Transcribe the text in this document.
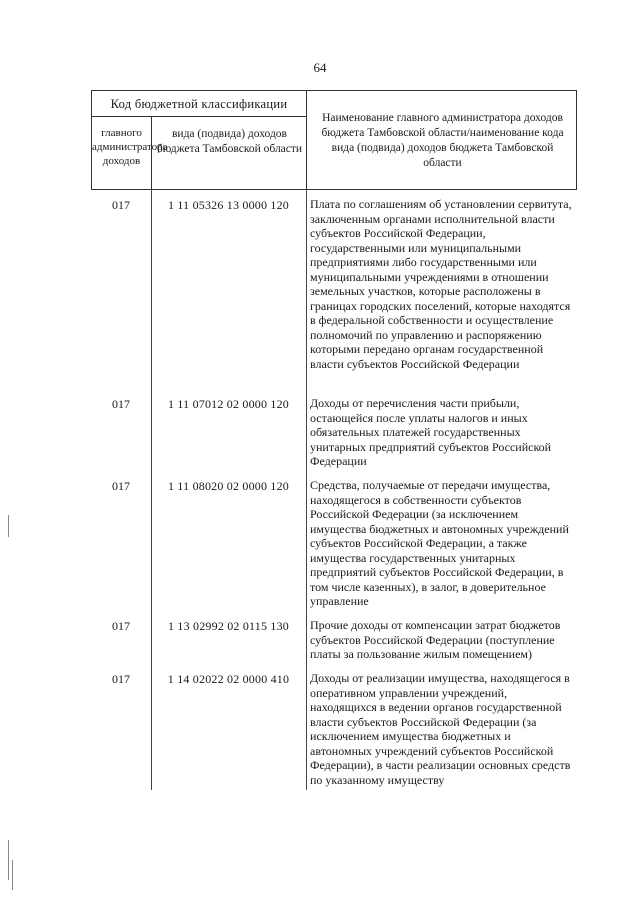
64
Код бюджетной классификации
главного администратора доходов
вида (подвида) доходов бюджета Тамбовской области
Наименование главного администратора доходов бюджета Тамбовской области/наименование кода вида (подвида) доходов бюджета Тамбовской области
017	1 11 05326 13 0000 120	Плата по соглашениям об установлении сервитута, заключенным органами исполнительной власти субъектов Российской Федерации, государственными или муниципальными предприятиями либо государственными или муниципальными учреждениями в отношении земельных участков, которые расположены в границах городских поселений, которые находятся в федеральной собственности и осуществление полномочий по управлению и распоряжению которыми передано органам государственной власти субъектов Российской Федерации
017	1 11 07012 02 0000 120	Доходы от перечисления части прибыли, остающейся после уплаты налогов и иных обязательных платежей государственных унитарных предприятий субъектов Российской Федерации
017	1 11 08020 02 0000 120	Средства, получаемые от передачи имущества, находящегося в собственности субъектов Российской Федерации (за исключением имущества бюджетных и автономных учреждений субъектов Российской Федерации, а также имущества государственных унитарных предприятий субъектов Российской Федерации, в том числе казенных), в залог, в доверительное управление
017	1 13 02992 02 0115 130	Прочие доходы от компенсации затрат бюджетов субъектов Российской Федерации (поступление платы за пользование жилым помещением)
017	1 14 02022 02 0000 410	Доходы от реализации имущества, находящегося в оперативном управлении учреждений, находящихся в ведении органов государственной власти субъектов Российской Федерации (за исключением имущества бюджетных и автономных учреждений субъектов Российской Федерации), в части реализации основных средств по указанному имуществу
